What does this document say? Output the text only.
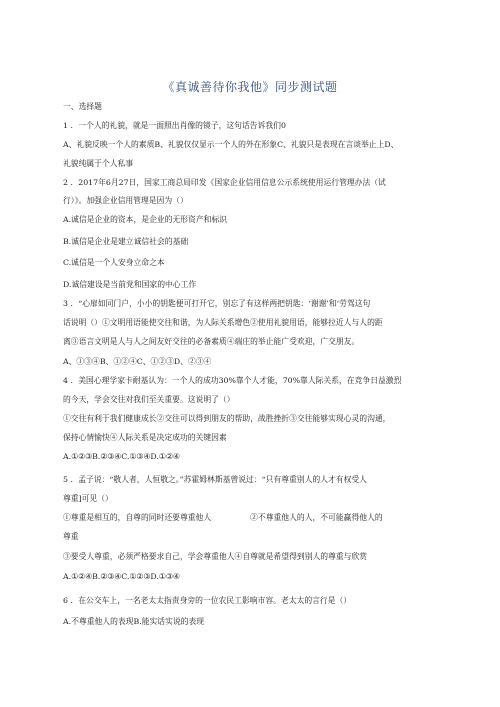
《真诚善待你我他》同步测试题
一、选择题
1 ．一个人的礼貌，就是一面照出肖像的镜子，这句话告诉我们0
A、礼貌反映一个人的素质B、礼貌仅仅显示一个人的外在形象C、礼貌只是表现在言谈举止上D、
礼貌纯属于个人私事
2 ．2017年6月27日，国家工商总局印发《国家企业信用信息公示系统使用运行管理办法（试
行）》。加强企业信用管理是因为（）
A.诚信是企业的资本，是企业的无形资产和标识
B.诚信是企业是建立诚信社会的基础
C.诚信是一个人安身立命之本
D.诚信建设是当前党和国家的中心工作
3 ．“心扉如同门户，小小的钥匙便可打开它，别忘了有这样两把钥匙：‘谢谢’和‘劳驾这句
话说明（）①文明用语能使交往和谐，为人际关系增色②使用礼貌用语，能够拉近人与人的距
离③语言文明是人与人之间友好交往的必备素质④端庄的举止能广受欢迎，广交朋友。
A、①③④B、①②④C、①②③D、②③④
4 ．美国心理学家卡耐基认为：一个人的成功30%靠个人才能，70%靠人际关系，在竞争日益激烈
的今天，学会交往对我们至关重要。这说明了（）
①交往有利于我们健康成长②交往可以得到朋友的帮助，战胜挫折③交往能够实现心灵的沟通，
保持心情愉快④人际关系是决定成功的关键因素
A.①②③B.②③④C.①③④D.①②④
5 ．孟子说：“敬人者，人恒敬之。”苏霍姆林斯基曾说过：“只有尊重别人的人才有权受人
尊重]可见（）
①尊重是相互的，自尊的同时还要尊重他人　　　　　②不尊重他人的人，不可能赢得他人的
尊重
③要受人尊重，必须严格要求自己，学会尊重他人④自尊就是希望得到别人的尊重与欣赏
A.①②④B.②③④C.①②③D.①③④
6 ．在公交车上，一名老太太指责身旁的一位农民工影响市容。老太太的言行是（）
A.不尊重他人的表现B.能实话实说的表现
